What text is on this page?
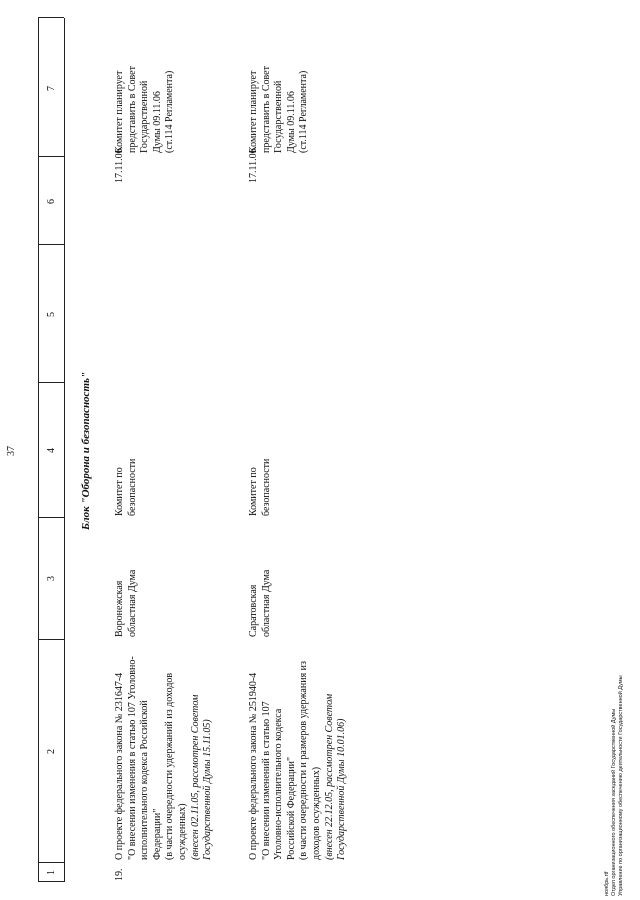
37
1
2
3
4
5
6
7
Блок "Оборона и безопасность"
19.
О проекте федерального закона № 231647-4 "О внесении изменения в статью 107 Уголовно- исполнительного кодекса Российской Федерации" (в части очередности удержаний из доходов осужденных) (внесен 02.11.05, рассмотрен Советом Государственной Думы 15.11.05)
Воронежская областная Дума
Комитет по безопасности
17.11.06
Комитет планирует представить в Совет Государственной Думы 09.11.06 (ст.114 Регламента)
О проекте федерального закона № 251940-4 "О внесении изменений в статью 107 Уголовно-исполнительного кодекса Российской Федерации" (в части очередности и размеров удержания из доходов осужденных) (внесен 22.12.05, рассмотрен Советом Государственной Думы 10.01.06)
Саратовская областная Дума
Комитет по безопасности
17.11.06
Комитет планирует представить в Совет Государственной Думы 09.11.06 (ст.114 Регламента)
ноябрь.rtf Отдел организационного обеспечения заседаний Государственной Думы Управление по организационному обеспечению деятельности Государственной Думы
